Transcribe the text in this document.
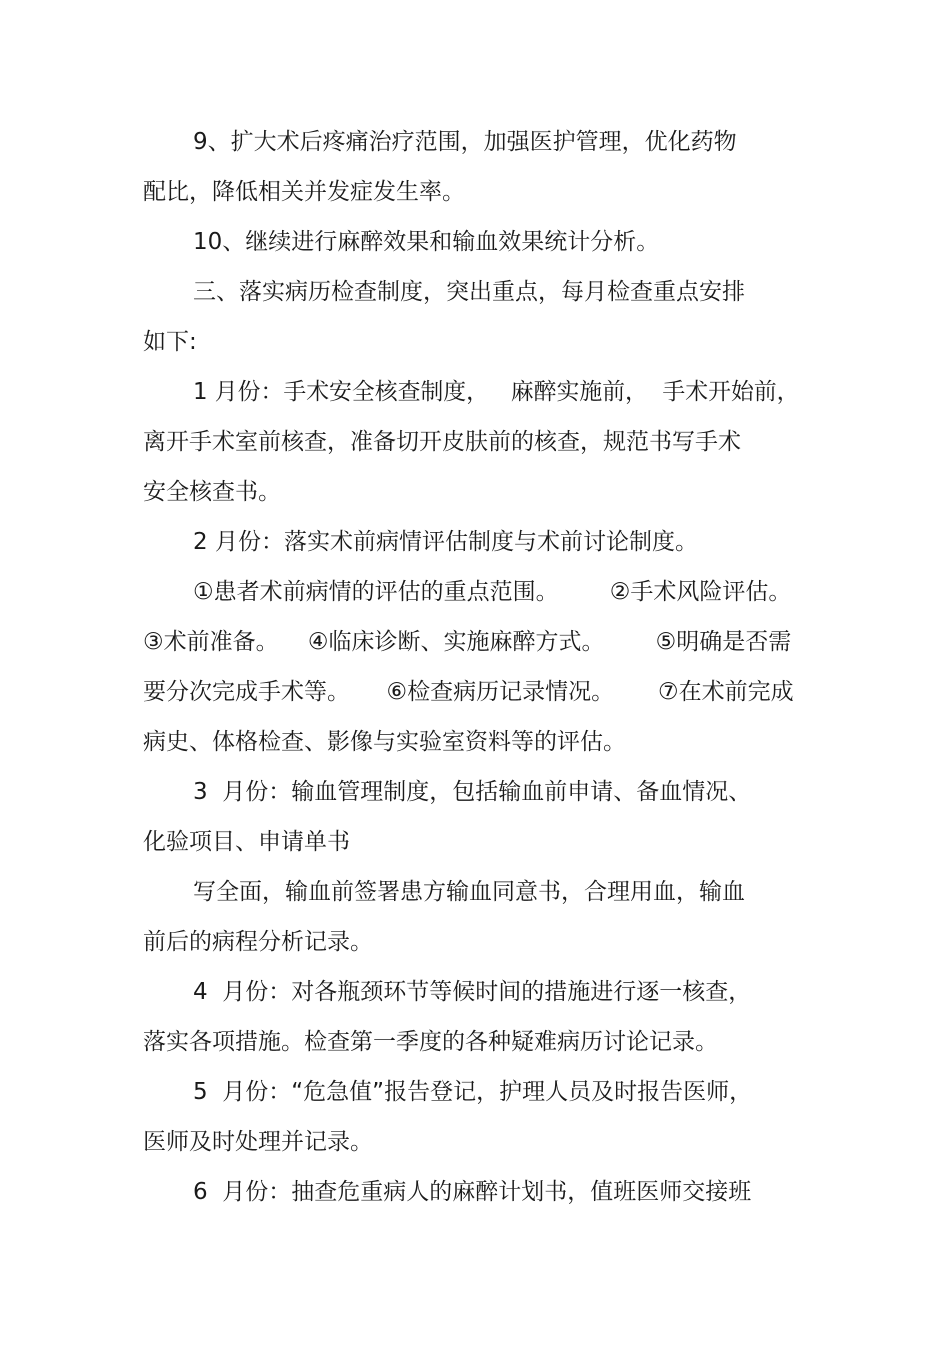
9、扩大术后疼痛治疗范围，加强医护管理，优化药物
配比，降低相关并发症发生率。
10、继续进行麻醉效果和输血效果统计分析。
三、落实病历检查制度，突出重点，每月检查重点安排
如下:
1 月份：手术安全核查制度，   麻醉实施前，  手术开始前，
离开手术室前核查，准备切开皮肤前的核查，规范书写手术
安全核查书。
2 月份：落实术前病情评估制度与术前讨论制度。
①患者术前病情的评估的重点范围。       ②手术风险评估。
③术前准备。    ④临床诊断、实施麻醉方式。       ⑤明确是否需
要分次完成手术等。     ⑥检查病历记录情况。      ⑦在术前完成
病史、体格检查、影像与实验室资料等的评估。
3  月份：输血管理制度，包括输血前申请、备血情况、
化验项目、申请单书
写全面，输血前签署患方输血同意书，合理用血，输血
前后的病程分析记录。
4  月份：对各瓶颈环节等候时间的措施进行逐一核查，
落实各项措施。检查第一季度的各种疑难病历讨论记录。
5  月份：“危急值”报告登记，护理人员及时报告医师，
医师及时处理并记录。
6  月份：抽查危重病人的麻醉计划书，值班医师交接班
